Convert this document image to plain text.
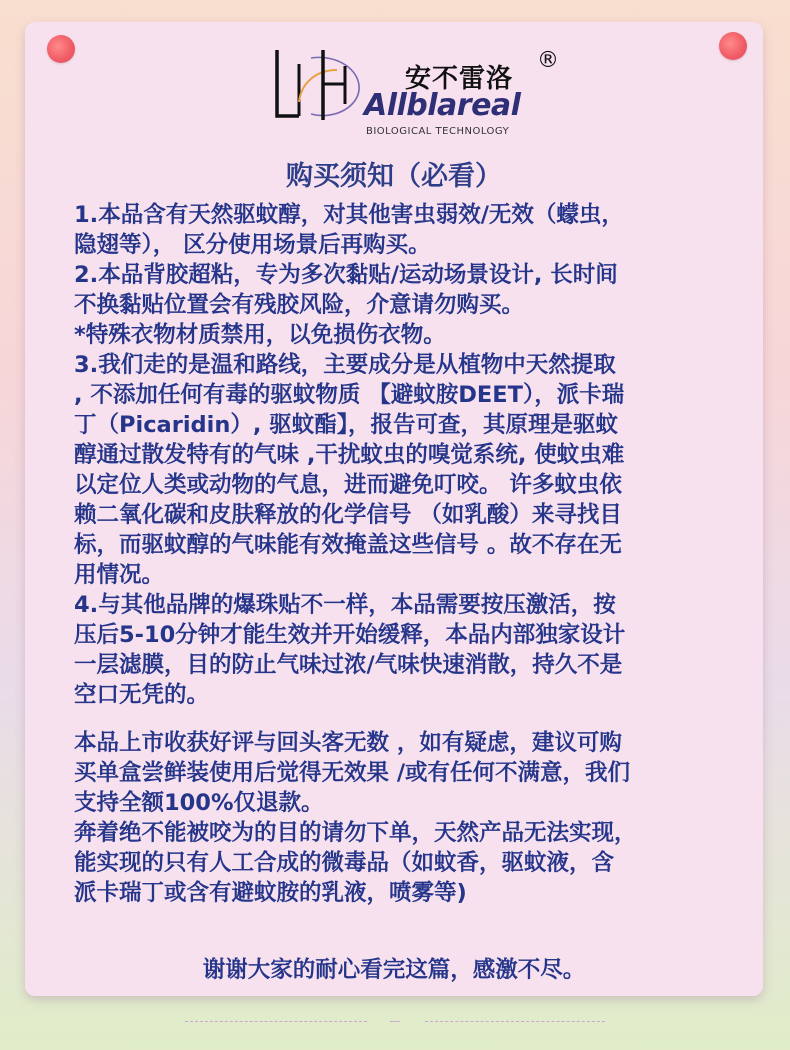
安不雷洛
®
Allblareal
BIOLOGICAL TECHNOLOGY
购买须知（必看）
1.本品含有天然驱蚊醇，对其他害虫弱效/无效（蠓虫，
隐翅等）， 区分使用场景后再购买。
2.本品背胶超粘，专为多次黏贴/运动场景设计, 长时间
不换黏贴位置会有残胶风险，介意请勿购买。
*特殊衣物材质禁用，以免损伤衣物。
3.我们走的是温和路线，主要成分是从植物中天然提取
, 不添加任何有毒的驱蚊物质 【避蚊胺DEET），派卡瑞
丁（Picaridin）, 驱蚊酯】，报告可查，其原理是驱蚊
醇通过散发特有的气味 ,干扰蚊虫的嗅觉系统, 使蚊虫难
以定位人类或动物的气息，进而避免叮咬。 许多蚊虫依
赖二氧化碳和皮肤释放的化学信号 （如乳酸）来寻找目
标，而驱蚊醇的气味能有效掩盖这些信号 。故不存在无
用情况。
4.与其他品牌的爆珠贴不一样，本品需要按压激活，按
压后5-10分钟才能生效并开始缓释，本品内部独家设计
一层滤膜，目的防止气味过浓/气味快速消散，持久不是
空口无凭的。
本品上市收获好评与回头客无数 ，如有疑虑，建议可购
买单盒尝鲜装使用后觉得无效果 /或有任何不满意，我们
支持全额100%仅退款。
奔着绝不能被咬为的目的请勿下单，天然产品无法实现，
能实现的只有人工合成的微毒品（如蚊香，驱蚊液，含
派卡瑞丁或含有避蚊胺的乳液，喷雾等)
谢谢大家的耐心看完这篇，感激不尽。
